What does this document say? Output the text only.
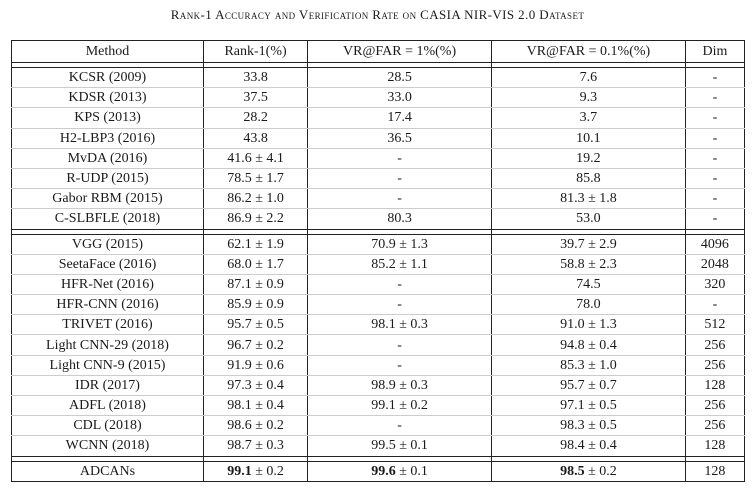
Rank-1 Accuracy and Verification Rate on CASIA NIR-VIS 2.0 Dataset
Method	Rank-1(%)	VR@FAR = 1%(%)	VR@FAR = 0.1%(%)	Dim

KCSR (2009)	33.8	28.5	7.6	-
KDSR (2013)	37.5	33.0	9.3	-
KPS (2013)	28.2	17.4	3.7	-
H2-LBP3 (2016)	43.8	36.5	10.1	-
MvDA (2016)	41.6 ± 4.1	-	19.2	-
R-UDP (2015)	78.5 ± 1.7	-	85.8	-
Gabor RBM (2015)	86.2 ± 1.0	-	81.3 ± 1.8	-
C-SLBFLE (2018)	86.9 ± 2.2	80.3	53.0	-

VGG (2015)	62.1 ± 1.9	70.9 ± 1.3	39.7 ± 2.9	4096
SeetaFace (2016)	68.0 ± 1.7	85.2 ± 1.1	58.8 ± 2.3	2048
HFR-Net (2016)	87.1 ± 0.9	-	74.5	320
HFR-CNN (2016)	85.9 ± 0.9	-	78.0	-
TRIVET (2016)	95.7 ± 0.5	98.1 ± 0.3	91.0 ± 1.3	512
Light CNN-29 (2018)	96.7 ± 0.2	-	94.8 ± 0.4	256
Light CNN-9 (2015)	91.9 ± 0.6	-	85.3 ± 1.0	256
IDR (2017)	97.3 ± 0.4	98.9 ± 0.3	95.7 ± 0.7	128
ADFL (2018)	98.1 ± 0.4	99.1 ± 0.2	97.1 ± 0.5	256
CDL (2018)	98.6 ± 0.2	-	98.3 ± 0.5	256
WCNN (2018)	98.7 ± 0.3	99.5 ± 0.1	98.4 ± 0.4	128

ADCANs	99.1 ± 0.2	99.6 ± 0.1	98.5 ± 0.2	128
